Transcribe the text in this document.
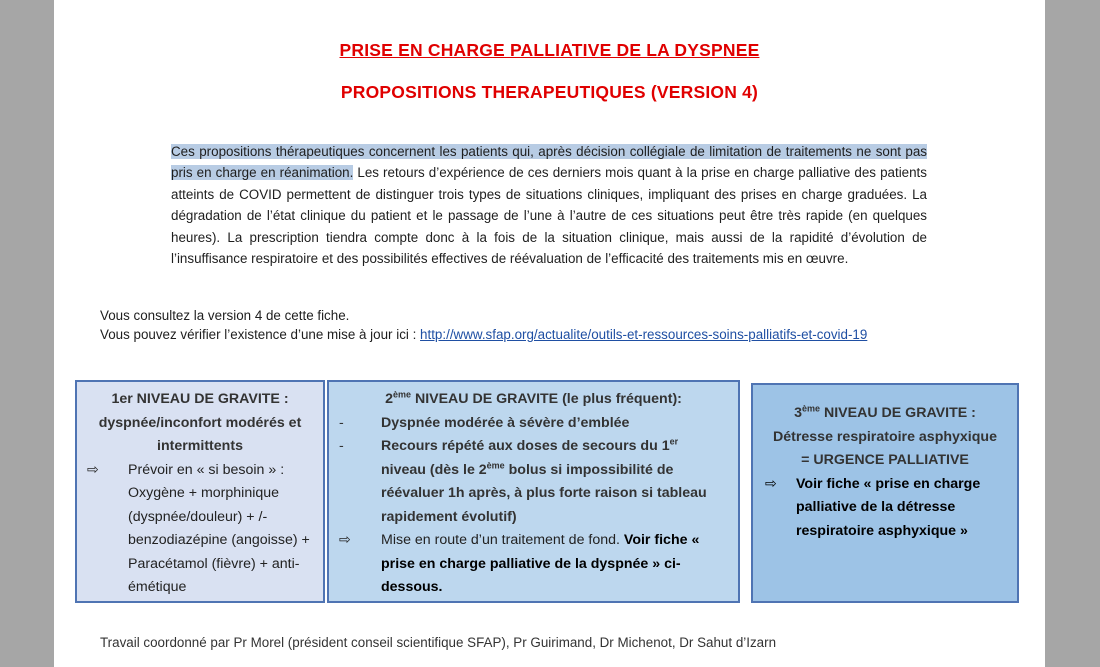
PRISE EN CHARGE PALLIATIVE DE LA DYSPNEE
PROPOSITIONS THERAPEUTIQUES (VERSION 4)
Ces propositions thérapeutiques concernent les patients qui, après décision collégiale de limitation de traitements ne sont pas pris en charge en réanimation. Les retours d’expérience de ces derniers mois quant à la prise en charge palliative des patients atteints de COVID permettent de distinguer trois types de situations cliniques, impliquant des prises en charge graduées. La dégradation de l’état clinique du patient et le passage de l’une à l’autre de ces situations peut être très rapide (en quelques heures). La prescription tiendra compte donc à la fois de la situation clinique, mais aussi de la rapidité d’évolution de l’insuffisance respiratoire et des possibilités effectives de réévaluation de l’efficacité des traitements mis en œuvre.
Vous consultez la version 4 de cette fiche.
Vous pouvez vérifier l’existence d’une mise à jour ici : http://www.sfap.org/actualite/outils-et-ressources-soins-palliatifs-et-covid-19
1er NIVEAU DE GRAVITE : dyspnée/inconfort modérés et intermittents
⇨ Prévoir en « si besoin » : Oxygène + morphinique (dyspnée/douleur) + /- benzodiazépine (angoisse) + Paracétamol (fièvre) + anti-émétique
2ème NIVEAU DE GRAVITE (le plus fréquent):
-	Dyspnée modérée à sévère d’emblée
-	Recours répété aux doses de secours du 1er niveau (dès le 2ème bolus si impossibilité de réévaluer 1h après, à plus forte raison si tableau rapidement évolutif)
⇨ Mise en route d’un traitement de fond. Voir fiche « prise en charge palliative de la dyspnée » ci-dessous.
3ème NIVEAU DE GRAVITE :
Détresse respiratoire asphyxique
= URGENCE PALLIATIVE
⇨ Voir fiche « prise en charge palliative de la détresse respiratoire asphyxique »
Travail coordonné par Pr Morel (président conseil scientifique SFAP), Pr Guirimand, Dr Michenot, Dr Sahut d’Izarn
